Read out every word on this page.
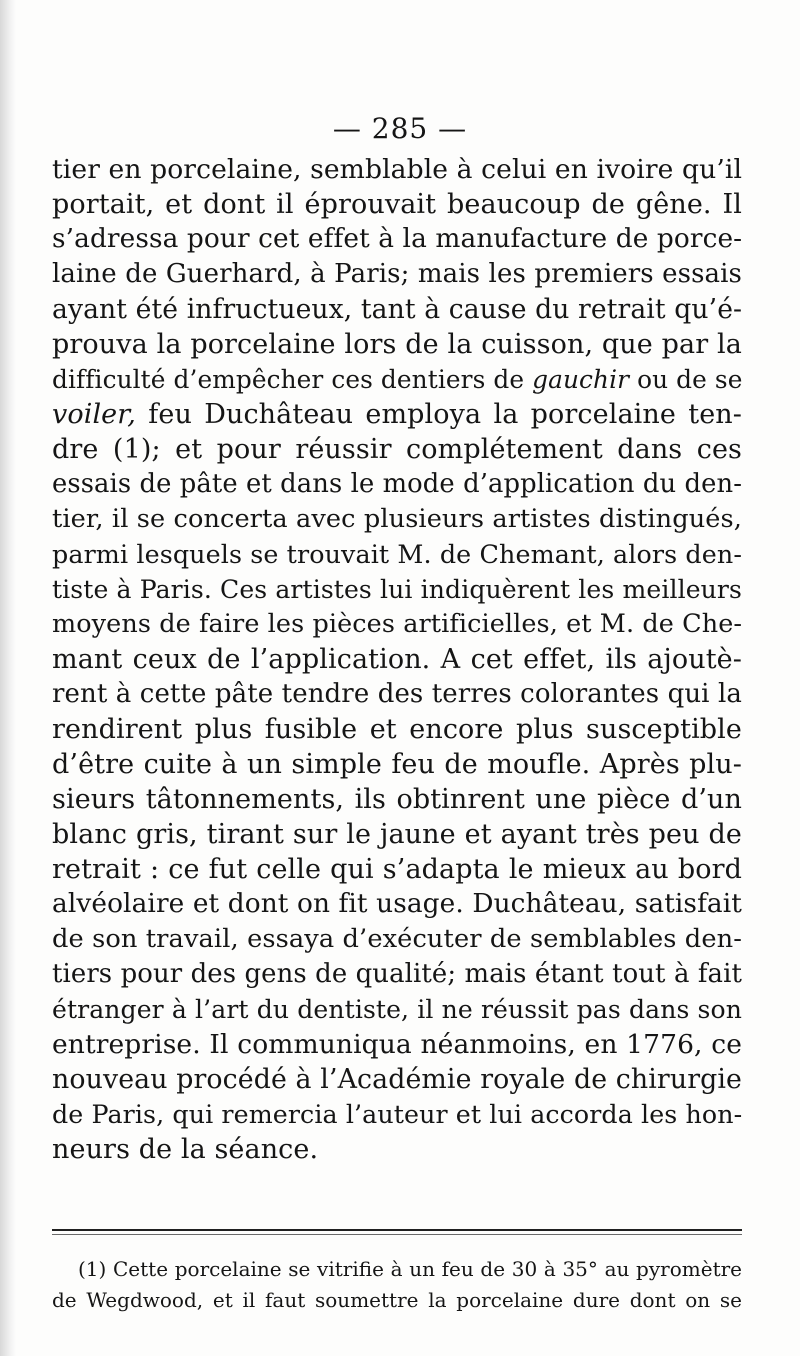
— 285 —
tier en porcelaine, semblable à celui en ivoire qu’il
portait, et dont il éprouvait beaucoup de gêne. Il
s’adressa pour cet effet à la manufacture de porce-
laine de Guerhard, à Paris; mais les premiers essais
ayant été infructueux, tant à cause du retrait qu’é-
prouva la porcelaine lors de la cuisson, que par la
difficulté d’empêcher ces dentiers de gauchir ou de se
voiler, feu Duchâteau employa la porcelaine ten-
dre (1); et pour réussir complétement dans ces
essais de pâte et dans le mode d’application du den-
tier, il se concerta avec plusieurs artistes distingués,
parmi lesquels se trouvait M. de Chemant, alors den-
tiste à Paris. Ces artistes lui indiquèrent les meilleurs
moyens de faire les pièces artificielles, et M. de Che-
mant ceux de l’application. A cet effet, ils ajoutè-
rent à cette pâte tendre des terres colorantes qui la
rendirent plus fusible et encore plus susceptible
d’être cuite à un simple feu de moufle. Après plu-
sieurs tâtonnements, ils obtinrent une pièce d’un
blanc gris, tirant sur le jaune et ayant très peu de
retrait : ce fut celle qui s’adapta le mieux au bord
alvéolaire et dont on fit usage. Duchâteau, satisfait
de son travail, essaya d’exécuter de semblables den-
tiers pour des gens de qualité; mais étant tout à fait
étranger à l’art du dentiste, il ne réussit pas dans son
entreprise. Il communiqua néanmoins, en 1776, ce
nouveau procédé à l’Académie royale de chirurgie
de Paris, qui remercia l’auteur et lui accorda les hon-
neurs de la séance.
(1) Cette porcelaine se vitrifie à un feu de 30 à 35° au pyromètre
de Wegdwood, et il faut soumettre la porcelaine dure dont on se
